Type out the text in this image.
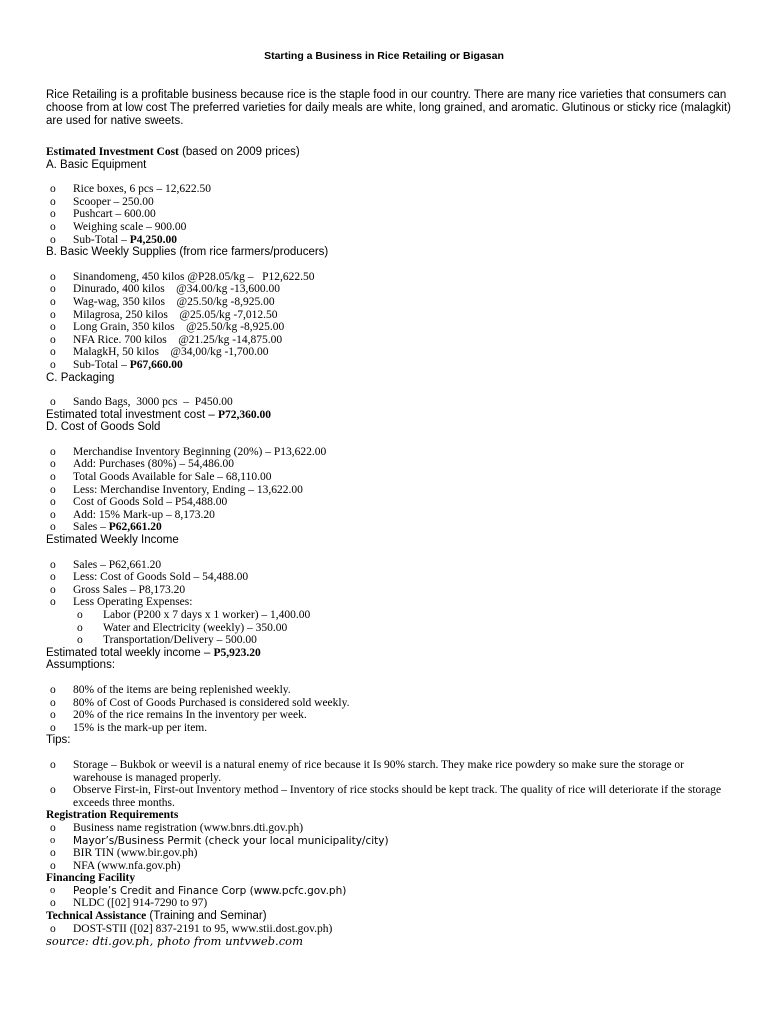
Starting a Business in Rice Retailing or Bigasan
Rice Retailing is a profitable business because rice is the staple food in our country. There are many rice varieties that consumers can choose from at low cost The preferred varieties for daily meals are white, long grained, and aromatic. Glutinous or sticky rice (malagkit) are used for native sweets.
Estimated Investment Cost (based on 2009 prices)
A. Basic Equipment
o Rice boxes, 6 pcs – 12,622.50
o Scooper – 250.00
o Pushcart – 600.00
o Weighing scale – 900.00
o Sub-Total – P4,250.00
B. Basic Weekly Supplies (from rice farmers/producers)
o Sinandomeng, 450 kilos @P28.05/kg –   P12,622.50
o Dinurado, 400 kilos    @34.00/kg -13,600.00
o Wag-wag, 350 kilos    @25.50/kg -8,925.00
o Milagrosa, 250 kilos    @25.05/kg -7,012.50
o Long Grain, 350 kilos    @25.50/kg -8,925.00
o NFA Rice. 700 kilos    @21.25/kg -14,875.00
o MalagkH, 50 kilos    @34,00/kg -1,700.00
o Sub-Total – P67,660.00
C. Packaging
o Sando Bags,  3000 pcs  –  P450.00
Estimated total investment cost – P72,360.00
D. Cost of Goods Sold
o Merchandise Inventory Beginning (20%) – P13,622.00
o Add: Purchases (80%) – 54,486.00
o Total Goods Available for Sale – 68,110.00
o Less: Merchandise Inventory, Ending – 13,622.00
o Cost of Goods Sold – P54,488.00
o Add: 15% Mark-up – 8,173.20
o Sales – P62,661.20
Estimated Weekly Income
o Sales – P62,661.20
o Less: Cost of Goods Sold – 54,488.00
o Gross Sales – P8,173.20
o Less Operating Expenses:
o Labor (P200 x 7 days x 1 worker) – 1,400.00
o Water and Electricity (weekly) – 350.00
o Transportation/Delivery – 500.00
Estimated total weekly income – P5,923.20
Assumptions:
o 80% of the items are being replenished weekly.
o 80% of Cost of Goods Purchased is considered sold weekly.
o 20% of the rice remains In the inventory per week.
o 15% is the mark-up per item.
Tips:
o Storage – Bukbok or weevil is a natural enemy of rice because it Is 90% starch. They make rice powdery so make sure the storage or warehouse is managed properly.
o Observe First-in, First-out Inventory method – Inventory of rice stocks should be kept track. The quality of rice will deteriorate if the storage exceeds three months.
Registration Requirements
o Business name registration (www.bnrs.dti.gov.ph)
o Mayor’s/Business Permit (check your local municipality/city)
o BIR TIN (www.bir.gov.ph)
o NFA (www.nfa.gov.ph)
Financing Facility
o People’s Credit and Finance Corp (www.pcfc.gov.ph)
o NLDC ([02] 914-7290 to 97)
Technical Assistance (Training and Seminar)
o DOST-STII ([02] 837-2191 to 95, www.stii.dost.gov.ph)
source: dti.gov.ph, photo from untvweb.com
